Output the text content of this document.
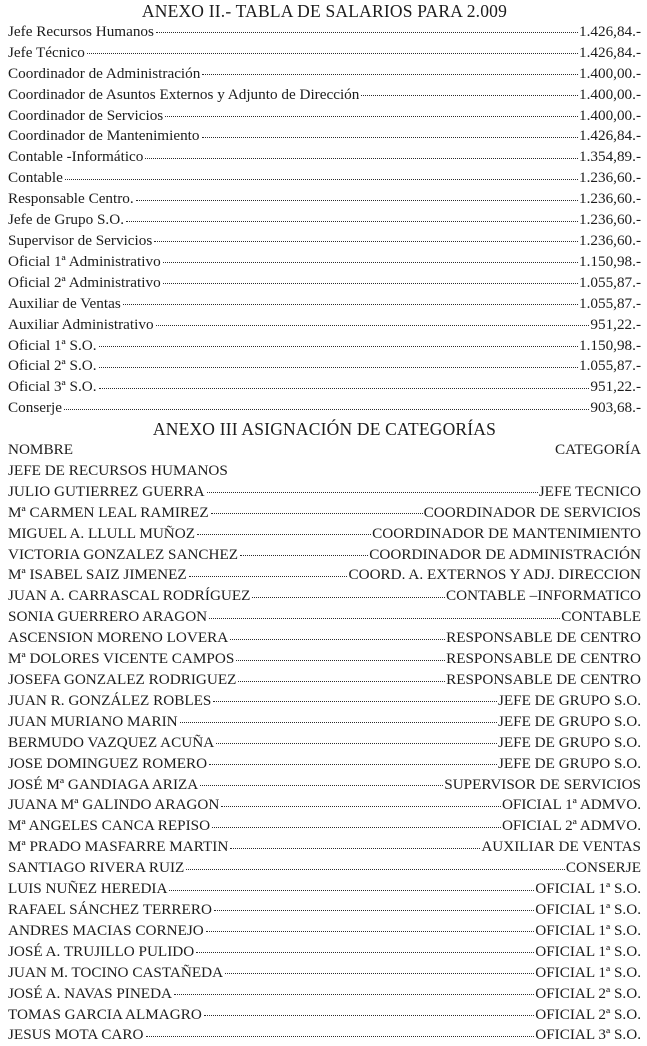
ANEXO II.- TABLA DE SALARIOS PARA 2.009
Jefe Recursos Humanos	1.426,84.-
Jefe Técnico	1.426,84.-
Coordinador de Administración	1.400,00.-
Coordinador de Asuntos Externos y Adjunto de Dirección	1.400,00.-
Coordinador de Servicios	1.400,00.-
Coordinador de Mantenimiento	1.426,84.-
Contable -Informático	1.354,89.-
Contable	1.236,60.-
Responsable Centro.	1.236,60.-
Jefe de Grupo S.O.	1.236,60.-
Supervisor de Servicios	1.236,60.-
Oficial 1ª Administrativo	1.150,98.-
Oficial 2ª Administrativo	1.055,87.-
Auxiliar de Ventas	1.055,87.-
Auxiliar Administrativo	951,22.-
Oficial 1ª S.O.	1.150,98.-
Oficial 2ª S.O.	1.055,87.-
Oficial 3ª S.O.	951,22.-
Conserje	903,68.-
ANEXO III ASIGNACIÓN DE CATEGORÍAS
NOMBRE	CATEGORÍA
JEFE DE RECURSOS HUMANOS
JULIO GUTIERREZ GUERRA	JEFE TECNICO
Mª CARMEN LEAL RAMIREZ	COORDINADOR DE SERVICIOS
MIGUEL A. LLULL MUÑOZ	COORDINADOR DE MANTENIMIENTO
VICTORIA GONZALEZ SANCHEZ	COORDINADOR DE ADMINISTRACIÓN
Mª ISABEL SAIZ JIMENEZ	COORD. A. EXTERNOS Y ADJ. DIRECCION
JUAN A. CARRASCAL RODRÍGUEZ	CONTABLE –INFORMATICO
SONIA GUERRERO ARAGON	CONTABLE
ASCENSION MORENO LOVERA	RESPONSABLE DE CENTRO
Mª DOLORES VICENTE CAMPOS	RESPONSABLE DE CENTRO
JOSEFA GONZALEZ RODRIGUEZ	RESPONSABLE DE CENTRO
JUAN R. GONZÁLEZ ROBLES	JEFE DE GRUPO S.O.
JUAN MURIANO MARIN	JEFE DE GRUPO S.O.
BERMUDO VAZQUEZ ACUÑA	JEFE DE GRUPO S.O.
JOSE DOMINGUEZ ROMERO	JEFE DE GRUPO S.O.
JOSÉ Mª GANDIAGA ARIZA	SUPERVISOR DE SERVICIOS
JUANA Mª GALINDO ARAGON	OFICIAL 1ª ADMVO.
Mª ANGELES CANCA REPISO	OFICIAL 2ª ADMVO.
Mª PRADO MASFARRE MARTIN	AUXILIAR DE VENTAS
SANTIAGO RIVERA RUIZ	CONSERJE
LUIS NUÑEZ HEREDIA	OFICIAL 1ª S.O.
RAFAEL SÁNCHEZ TERRERO	OFICIAL 1ª S.O.
ANDRES MACIAS CORNEJO	OFICIAL 1ª S.O.
JOSÉ A. TRUJILLO PULIDO	OFICIAL 1ª S.O.
JUAN M. TOCINO CASTAÑEDA	OFICIAL 1ª S.O.
JOSÉ A. NAVAS PINEDA	OFICIAL 2ª S.O.
TOMAS GARCIA ALMAGRO	OFICIAL 2ª S.O.
JESUS MOTA CARO	OFICIAL 3ª S.O.
